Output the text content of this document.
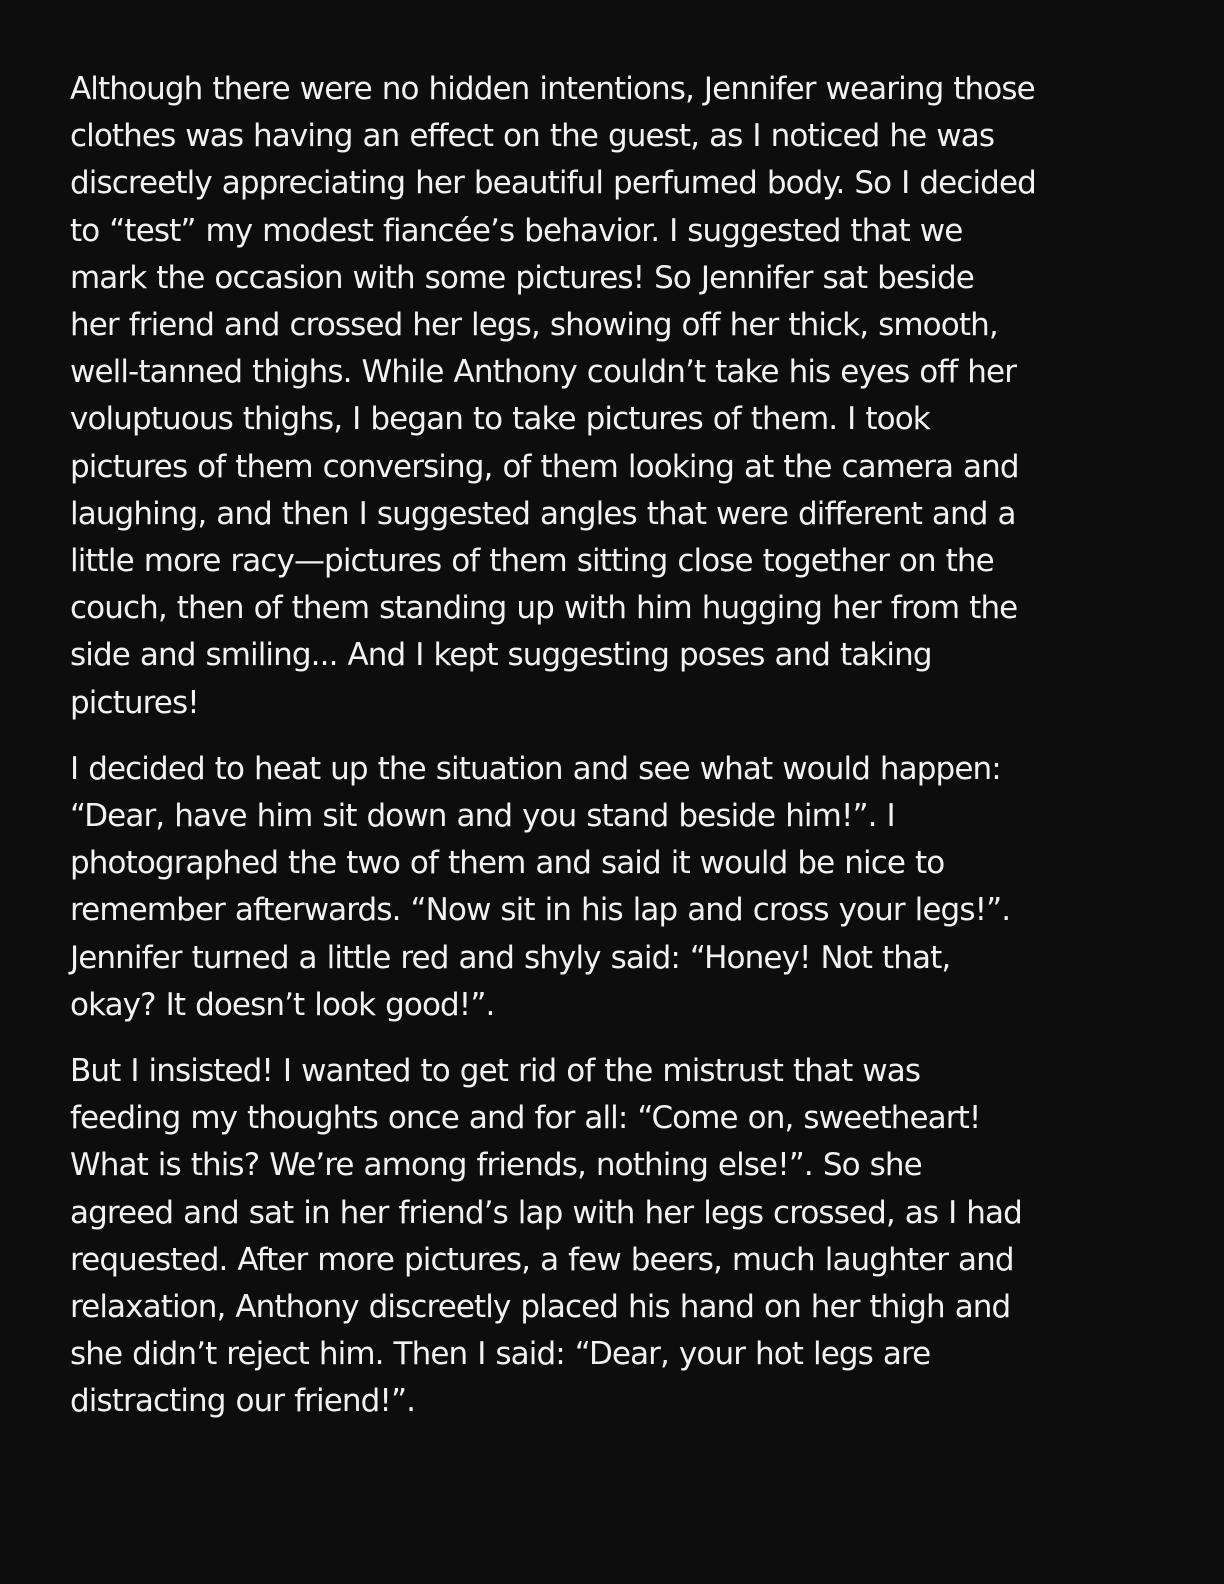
Although there were no hidden intentions, Jennifer wearing those
clothes was having an effect on the guest, as I noticed he was
discreetly appreciating her beautiful perfumed body. So I decided
to “test” my modest fiancée’s behavior. I suggested that we
mark the occasion with some pictures! So Jennifer sat beside
her friend and crossed her legs, showing off her thick, smooth,
well-tanned thighs. While Anthony couldn’t take his eyes off her
voluptuous thighs, I began to take pictures of them. I took
pictures of them conversing, of them looking at the camera and
laughing, and then I suggested angles that were different and a
little more racy—pictures of them sitting close together on the
couch, then of them standing up with him hugging her from the
side and smiling... And I kept suggesting poses and taking
pictures!

I decided to heat up the situation and see what would happen:
“Dear, have him sit down and you stand beside him!”. I
photographed the two of them and said it would be nice to
remember afterwards. “Now sit in his lap and cross your legs!”.
Jennifer turned a little red and shyly said: “Honey! Not that,
okay? It doesn’t look good!”.

But I insisted! I wanted to get rid of the mistrust that was
feeding my thoughts once and for all: “Come on, sweetheart!
What is this? We’re among friends, nothing else!”. So she
agreed and sat in her friend’s lap with her legs crossed, as I had
requested. After more pictures, a few beers, much laughter and
relaxation, Anthony discreetly placed his hand on her thigh and
she didn’t reject him. Then I said: “Dear, your hot legs are
distracting our friend!”.
